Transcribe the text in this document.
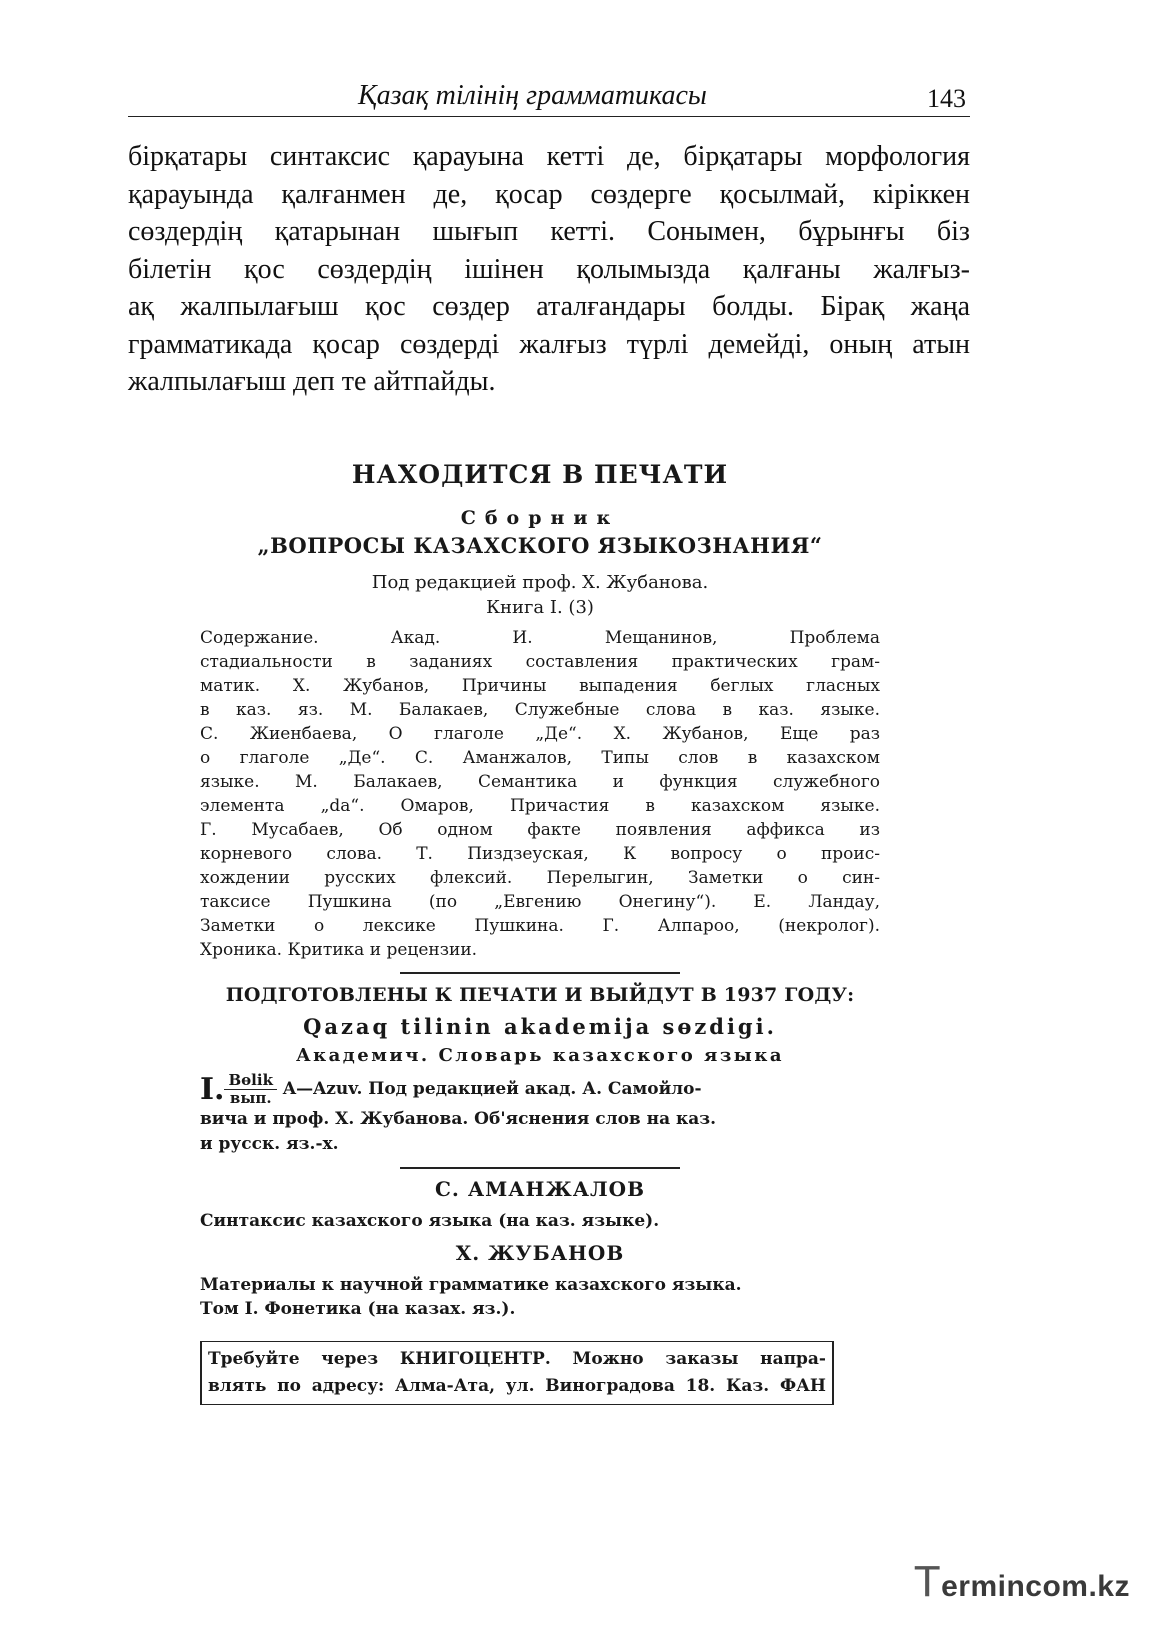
Қазақ тілінің грамматикасы	143
бірқатары синтаксис қарауына кетті де, бірқатары морфология
қарауында қалғанмен де, қосар сөздерге қосылмай, кіріккен
сөздердің қатарынан шығып кетті. Сонымен, бұрынғы біз
білетін қос сөздердің ішінен қолымызда қалғаны жалғыз-
ақ жалпылағыш қос сөздер аталғандары болды. Бірақ жаңа
грамматикада қосар сөздерді жалғыз түрлі демейді, оның атын
жалпылағыш деп те айтпайды.
НАХОДИТСЯ В ПЕЧАТИ
Сборник
„ВОПРОСЫ КАЗАХСКОГО ЯЗЫКОЗНАНИЯ“
Под редакцией проф. Х. Жубанова.
Книга I. (3)
Содержание. Акад. И. Мещанинов, Проблема
стадиальности в заданиях составления практических грам-
матик. Х. Жубанов, Причины выпадения беглых гласных
в каз. яз. М. Балакаев, Служебные слова в каз. языке.
С. Жиенбаева, О глаголе „Де“. Х. Жубанов, Еще раз
о глаголе „Де“. С. Аманжалов, Типы слов в казахском
языке. М. Балакаев, Семантика и функция служебного
элемента „da“. Омаров, Причастия в казахском языке.
Г. Мусабаев, Об одном факте появления аффикса из
корневого слова. Т. Пиздзеуская, К вопросу о проис-
хождении русских флексий. Перелыгин, Заметки о син-
таксисе Пушкина (по „Евгению Онегину“). Е. Ландау,
Заметки о лексике Пушкина. Г. Алпароо, (некролог).
Хроника. Критика и рецензии.
ПОДГОТОВЛЕНЫ К ПЕЧАТИ И ВЫЙДУТ В 1937 ГОДУ:
Qazaq tilinin akademija sөzdigi.
Академич. Словарь казахского языка
I. $\frac{\text{Bөlik}}{\text{вып.}}$ A—Azuv. Под редакцией акад. А. Самойло-
вича и проф. Х. Жубанова. Об'яснения слов на каз.
и русск. яз.-х.
С. АМАНЖАЛОВ
Синтаксис казахского языка (на каз. языке).
Х. ЖУБАНОВ
Материалы к научной грамматике казахского языка.
Том I. Фонетика (на казах. яз.).
Требуйте через КНИГОЦЕНТР. Можно заказы напра-
влять по адресу: Алма-Ата, ул. Виноградова 18. Каз. ФАН
Termincom.kz
